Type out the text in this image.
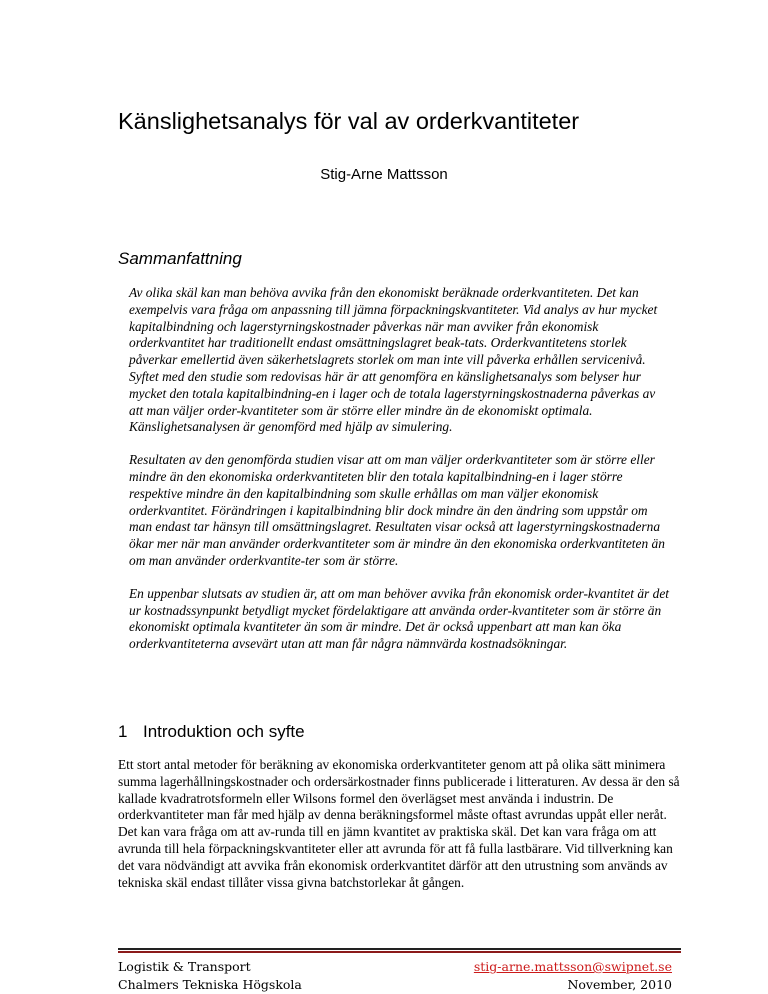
Känslighetsanalys för val av orderkvantiteter
Stig-Arne Mattsson
Sammanfattning

Av olika skäl kan man behöva avvika från den ekonomiskt beräknade orderkvantiteten. Det kan exempelvis vara fråga om anpassning till jämna förpackningskvantiteter. Vid analys av hur mycket kapitalbindning och lagerstyrningskostnader påverkas när man avviker från ekonomisk orderkvantitet har traditionellt endast omsättningslagret beak-tats. Orderkvantitetens storlek påverkar emellertid även säkerhetslagrets storlek om man inte vill påverka erhållen servicenivå. Syftet med den studie som redovisas här är att genomföra en känslighetsanalys som belyser hur mycket den totala kapitalbindning-en i lager och de totala lagerstyrningskostnaderna påverkas av att man väljer order-kvantiteter som är större eller mindre än de ekonomiskt optimala. Känslighetsanalysen är genomförd med hjälp av simulering.

Resultaten av den genomförda studien visar att om man väljer orderkvantiteter som är större eller mindre än den ekonomiska orderkvantiteten blir den totala kapitalbindning-en i lager större respektive mindre än den kapitalbindning som skulle erhållas om man väljer ekonomisk orderkvantitet. Förändringen i kapitalbindning blir dock mindre än den ändring som uppstår om man endast tar hänsyn till omsättningslagret. Resultaten visar också att lagerstyrningskostnaderna ökar mer när man använder orderkvantiteter som är mindre än den ekonomiska orderkvantiteten än om man använder orderkvantite-ter som är större.

En uppenbar slutsats av studien är, att om man behöver avvika från ekonomisk order-kvantitet är det ur kostnadssynpunkt betydligt mycket fördelaktigare att använda order-kvantiteter som är större än ekonomiskt optimala kvantiteter än som är mindre. Det är också uppenbart att man kan öka orderkvantiteterna avsevärt utan att man får några nämnvärda kostnadsökningar.

1 Introduktion och syfte

Ett stort antal metoder för beräkning av ekonomiska orderkvantiteter genom att på olika sätt minimera summa lagerhållningskostnader och ordersärkostnader finns publicerade i litteraturen. Av dessa är den så kallade kvadratrotsformeln eller Wilsons formel den överlägset mest använda i industrin. De orderkvantiteter man får med hjälp av denna beräkningsformel måste oftast avrundas uppåt eller neråt. Det kan vara fråga om att av-runda till en jämn kvantitet av praktiska skäl. Det kan vara fråga om att avrunda till hela förpackningskvantiteter eller att avrunda för att få fulla lastbärare. Vid tillverkning kan det vara nödvändigt att avvika från ekonomisk orderkvantitet därför att den utrustning som används av tekniska skäl endast tillåter vissa givna batchstorlekar åt gången.

Logistik & Transport
Chalmers Tekniska Högskola
stig-arne.mattsson@swipnet.se
November, 2010
